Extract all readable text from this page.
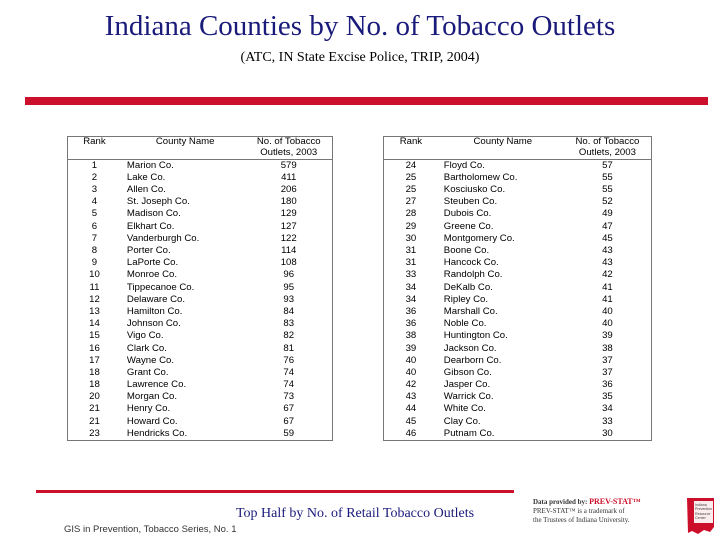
Indiana Counties by No. of Tobacco Outlets
(ATC, IN State Excise Police, TRIP, 2004)
Rank	County Name	No. of Tobacco
		Outlets, 2003
1	Marion Co.	579
2	Lake Co.	411
3	Allen Co.	206
4	St. Joseph Co.	180
5	Madison Co.	129
6	Elkhart Co.	127
7	Vanderburgh Co.	122
8	Porter Co.	114
9	LaPorte Co.	108
10	Monroe Co.	96
11	Tippecanoe Co.	95
12	Delaware Co.	93
13	Hamilton Co.	84
14	Johnson Co.	83
15	Vigo Co.	82
16	Clark Co.	81
17	Wayne Co.	76
18	Grant Co.	74
18	Lawrence Co.	74
20	Morgan Co.	73
21	Henry Co.	67
21	Howard Co.	67
23	Hendricks Co.	59
Rank	County Name	No. of Tobacco
		Outlets, 2003
24	Floyd Co.	57
25	Bartholomew Co.	55
25	Kosciusko Co.	55
27	Steuben Co.	52
28	Dubois Co.	49
29	Greene Co.	47
30	Montgomery Co.	45
31	Boone Co.	43
31	Hancock Co.	43
33	Randolph Co.	42
34	DeKalb Co.	41
34	Ripley Co.	41
36	Marshall Co.	40
36	Noble Co.	40
38	Huntington Co.	39
39	Jackson Co.	38
40	Dearborn Co.	37
40	Gibson Co.	37
42	Jasper Co.	36
43	Warrick Co.	35
44	White Co.	34
45	Clay Co.	33
46	Putnam Co.	30
Top Half by No. of Retail Tobacco Outlets
GIS in Prevention, Tobacco Series, No. 1
Data provided by: PREV-STAT™
PREV-STAT™ is a trademark of
the Trustees of Indiana University.
Indiana
Prevention
Resource
Center
